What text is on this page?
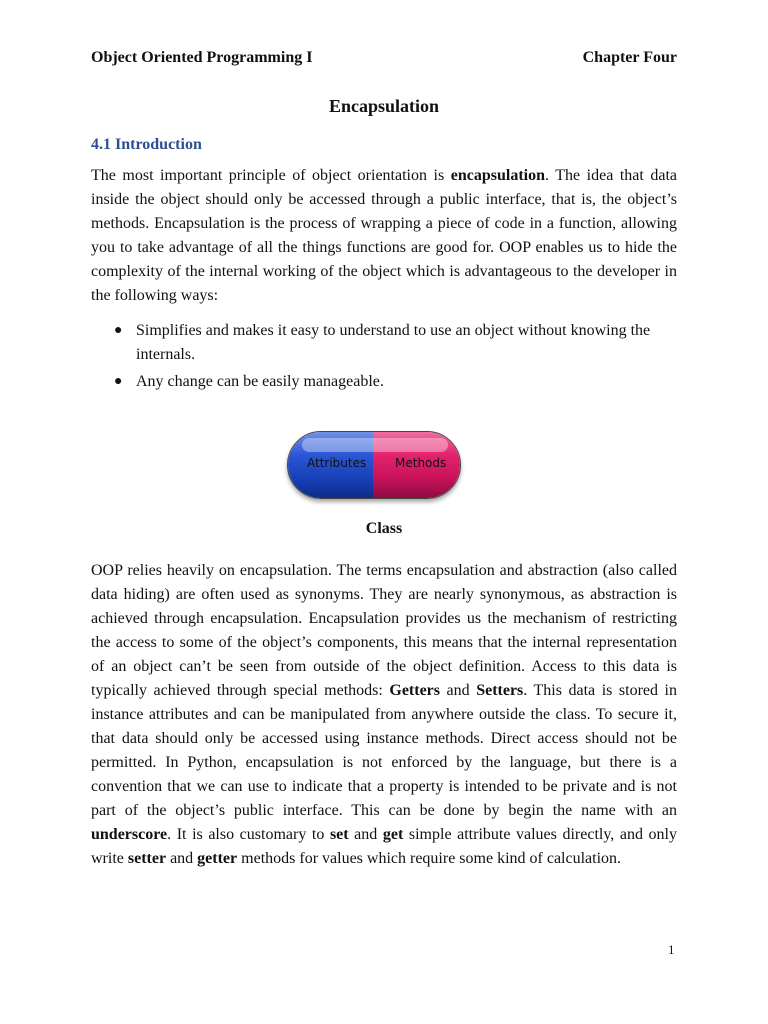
Object Oriented Programming I	Chapter Four
Encapsulation
4.1 Introduction

The most important principle of object orientation is encapsulation. The idea that data inside the object should only be accessed through a public interface, that is, the object’s methods. Encapsulation is the process of wrapping a piece of code in a function, allowing you to take advantage of all the things functions are good for. OOP enables us to hide the complexity of the internal working of the object which is advantageous to the developer in the following ways:

● Simplifies and makes it easy to understand to use an object without knowing the internals.
● Any change can be easily manageable.
Attributes Methods
Class

OOP relies heavily on encapsulation. The terms encapsulation and abstraction (also called data hiding) are often used as synonyms. They are nearly synonymous, as abstraction is achieved through encapsulation. Encapsulation provides us the mechanism of restricting the access to some of the object’s components, this means that the internal representation of an object can’t be seen from outside of the object definition. Access to this data is typically achieved through special methods: Getters and Setters. This data is stored in instance attributes and can be manipulated from anywhere outside the class. To secure it, that data should only be accessed using instance methods. Direct access should not be permitted. In Python, encapsulation is not enforced by the language, but there is a convention that we can use to indicate that a property is intended to be private and is not part of the object’s public interface. This can be done by begin the name with an underscore. It is also customary to set and get simple attribute values directly, and only write setter and getter methods for values which require some kind of calculation.

1
